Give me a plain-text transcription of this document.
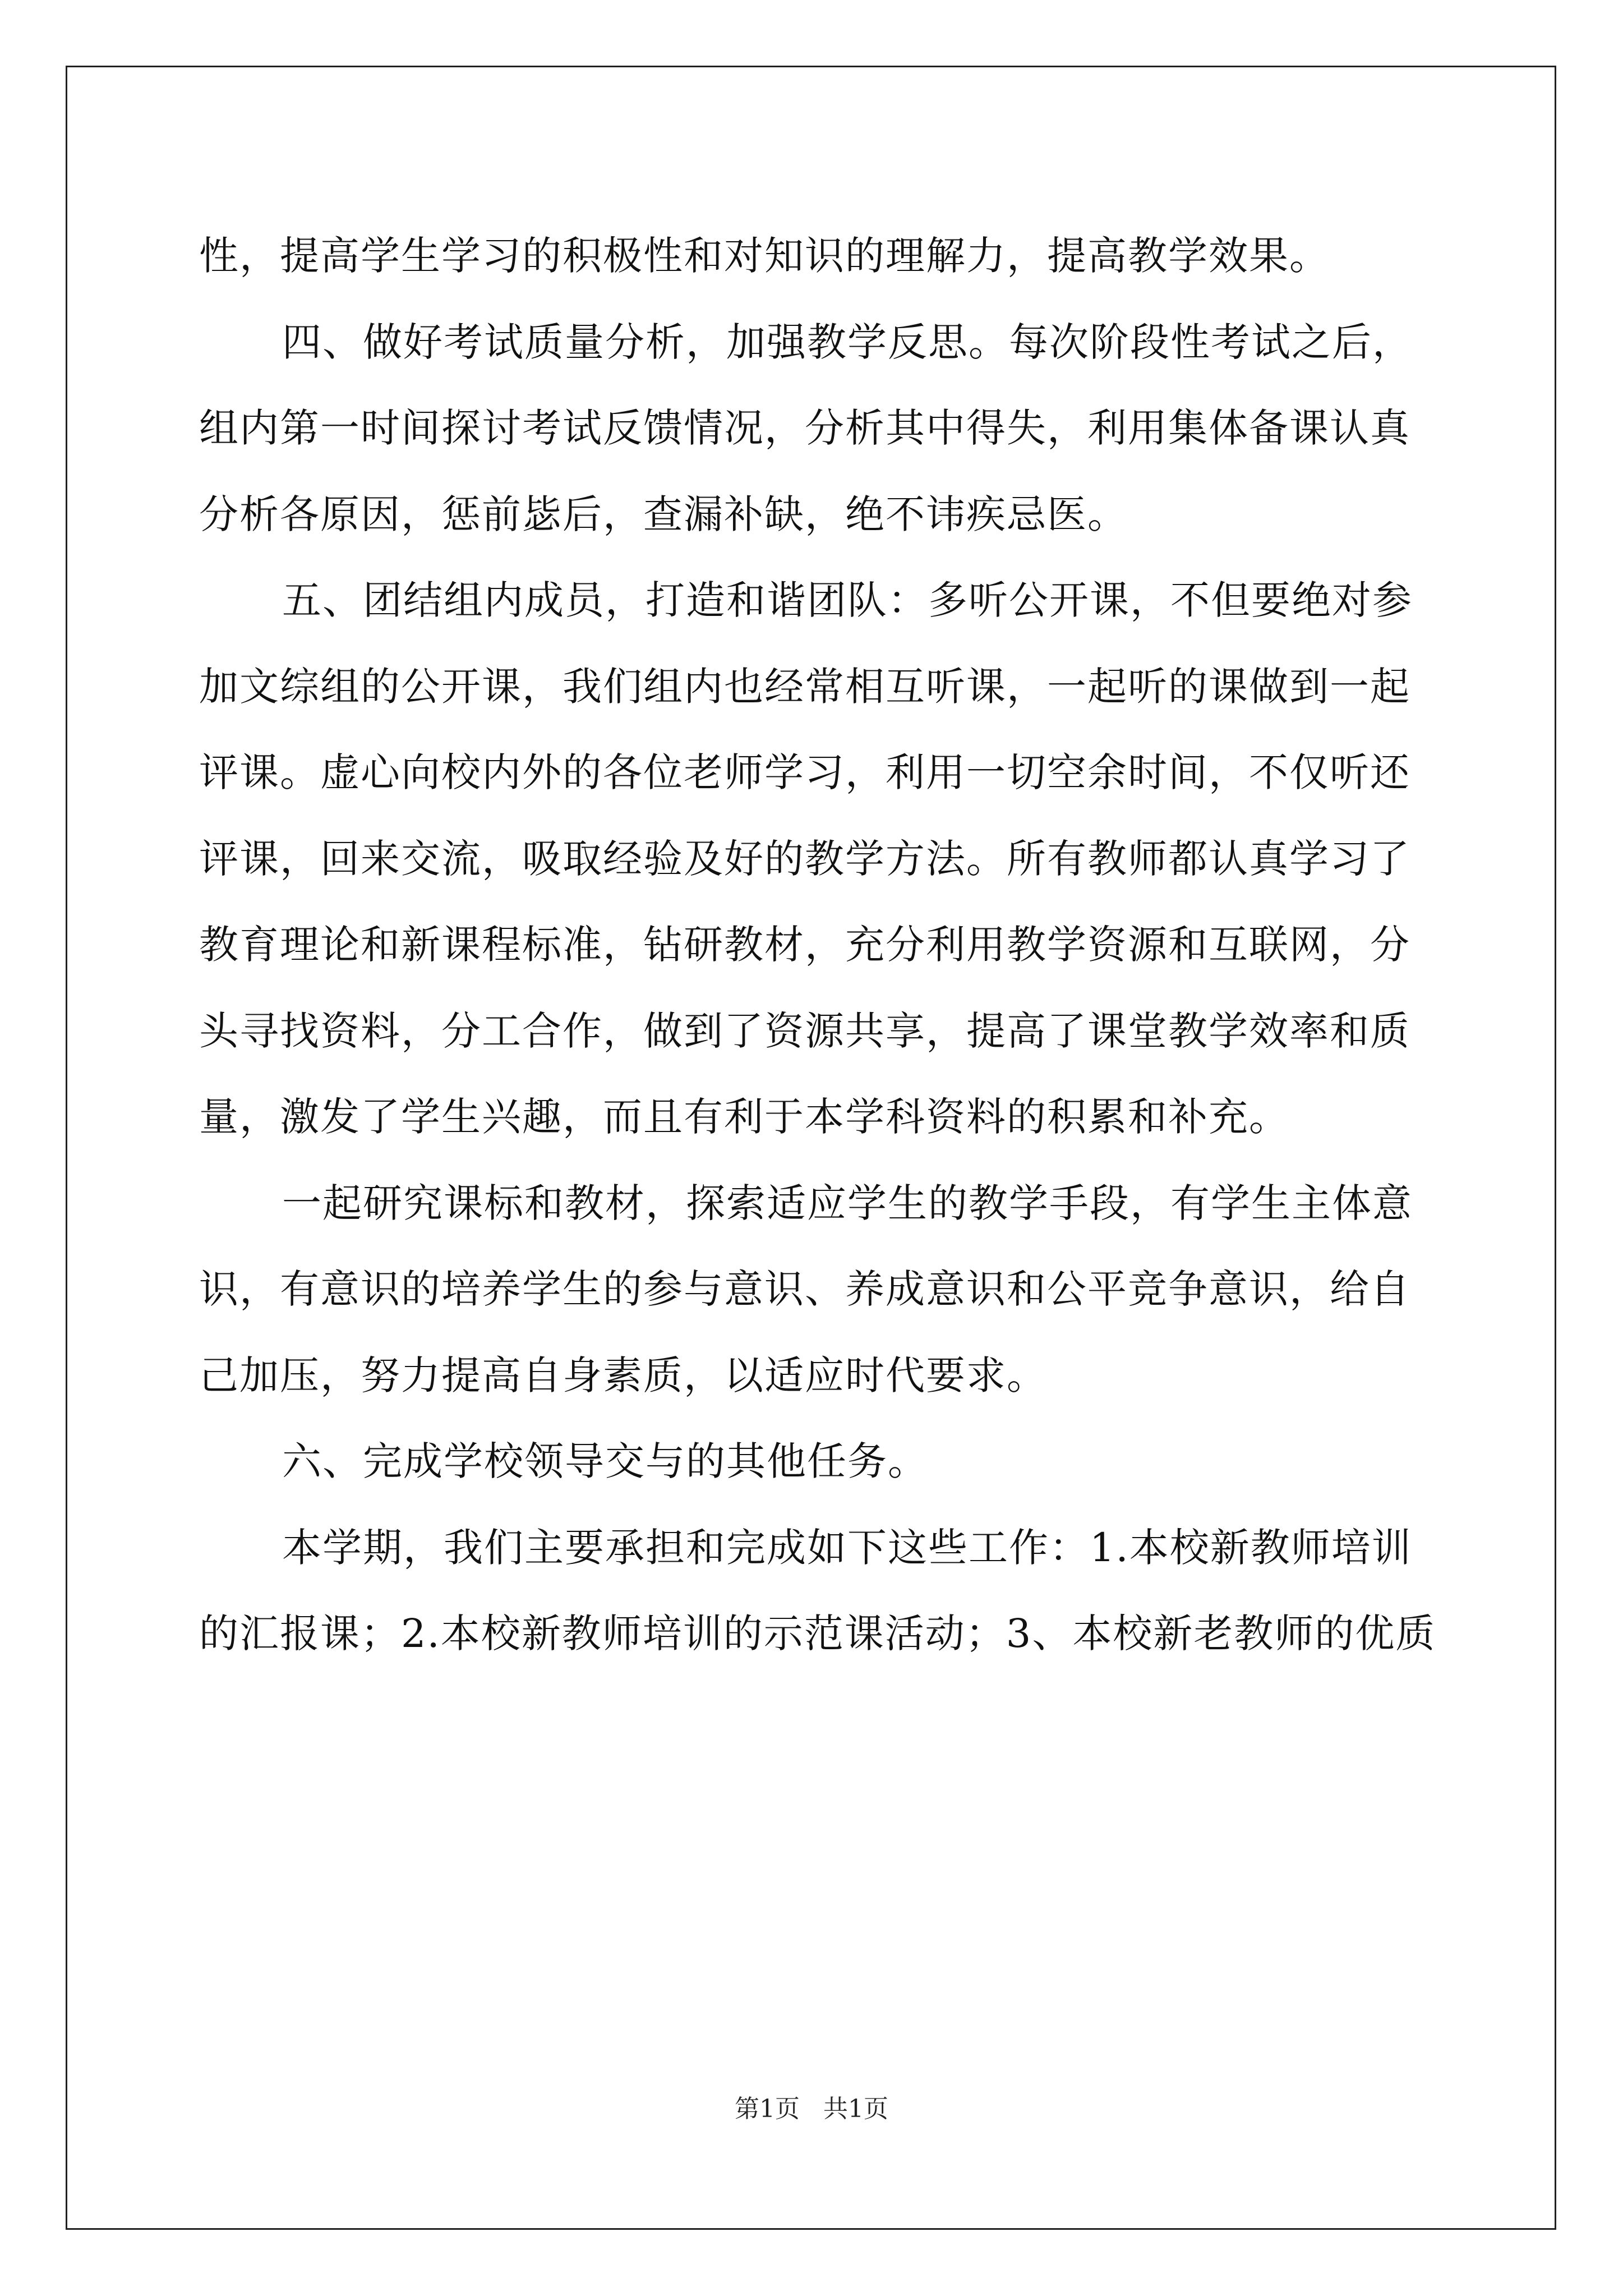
性，提高学生学习的积极性和对知识的理解力，提高教学效果。
四、做好考试质量分析，加强教学反思。每次阶段性考试之后，
组内第一时间探讨考试反馈情况，分析其中得失，利用集体备课认真
分析各原因，惩前毖后，查漏补缺，绝不讳疾忌医。
五、团结组内成员，打造和谐团队：多听公开课，不但要绝对参
加文综组的公开课，我们组内也经常相互听课，一起听的课做到一起
评课。虚心向校内外的各位老师学习，利用一切空余时间，不仅听还
评课，回来交流，吸取经验及好的教学方法。所有教师都认真学习了
教育理论和新课程标准，钻研教材，充分利用教学资源和互联网，分
头寻找资料，分工合作，做到了资源共享，提高了课堂教学效率和质
量，激发了学生兴趣，而且有利于本学科资料的积累和补充。
一起研究课标和教材，探索适应学生的教学手段，有学生主体意
识，有意识的培养学生的参与意识、养成意识和公平竞争意识，给自
己加压，努力提高自身素质，以适应时代要求。
六、完成学校领导交与的其他任务。
本学期，我们主要承担和完成如下这些工作：1.本校新教师培训
的汇报课；2.本校新教师培训的示范课活动；3、本校新老教师的优质
第1页 共1页
